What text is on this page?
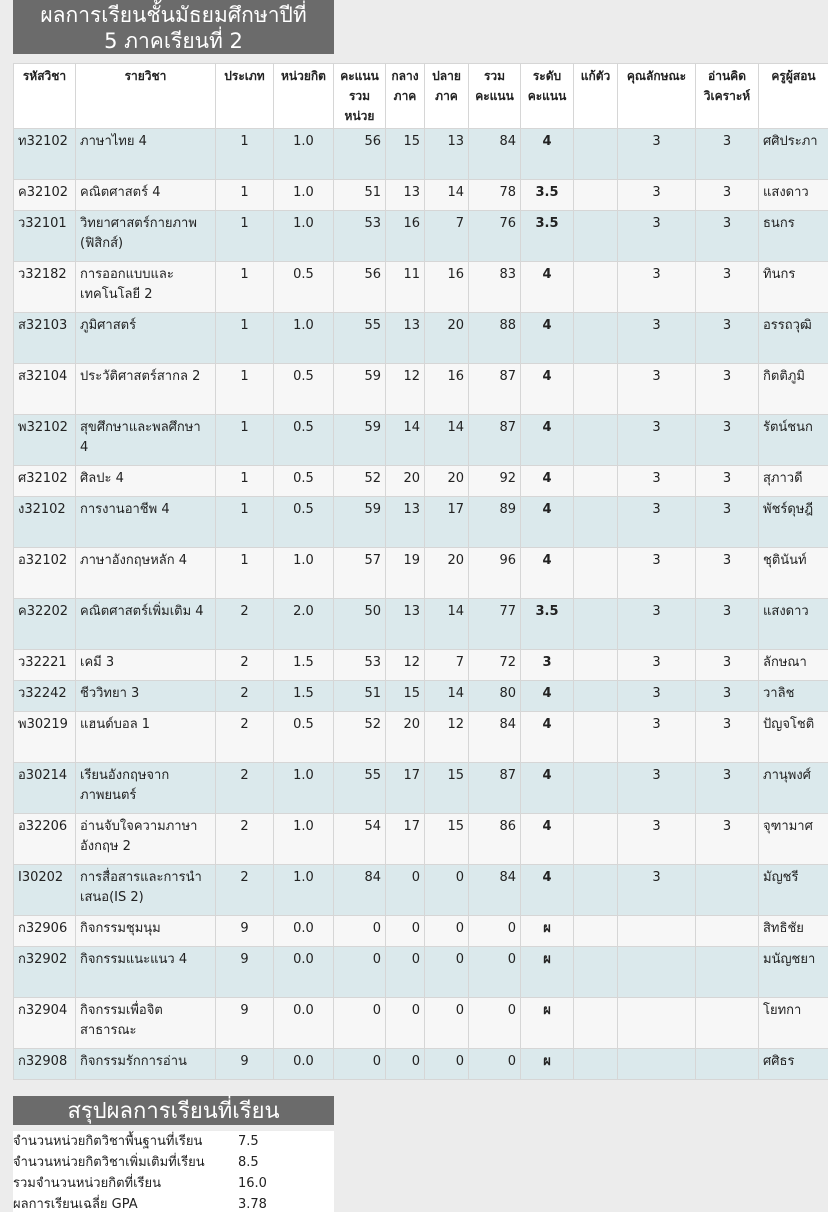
ผลการเรียนชั้นมัธยมศึกษาปีที่
5 ภาคเรียนที่ 2
รหัสวิชา	รายวิชา	ประเภท	หน่วยกิต	คะแนนรวมหน่วย	กลางภาค	ปลายภาค	รวมคะแนน	ระดับคะแนน	แก้ตัว	คุณลักษณะ	อ่านคิดวิเคราะห์	ครูผู้สอน
ท32102	ภาษาไทย 4	1	1.0	56	15	13	84	4		3	3	ศศิประภา
ค32102	คณิตศาสตร์ 4	1	1.0	51	13	14	78	3.5		3	3	แสงดาว
ว32101	วิทยาศาสตร์กายภาพ (ฟิสิกส์)	1	1.0	53	16	7	76	3.5		3	3	ธนกร
ว32182	การออกแบบและเทคโนโลยี 2	1	0.5	56	11	16	83	4		3	3	ทินกร
ส32103	ภูมิศาสตร์	1	1.0	55	13	20	88	4		3	3	อรรถวุฒิ
ส32104	ประวัติศาสตร์สากล 2	1	0.5	59	12	16	87	4		3	3	กิตติภูมิ
พ32102	สุขศึกษาและพลศึกษา 4	1	0.5	59	14	14	87	4		3	3	รัตน์ชนก
ศ32102	ศิลปะ 4	1	0.5	52	20	20	92	4		3	3	สุภาวดี
ง32102	การงานอาชีพ 4	1	0.5	59	13	17	89	4		3	3	พัชร์ดุษฎี
อ32102	ภาษาอังกฤษหลัก 4	1	1.0	57	19	20	96	4		3	3	ชุตินันท์
ค32202	คณิตศาสตร์เพิ่มเติม 4	2	2.0	50	13	14	77	3.5		3	3	แสงดาว
ว32221	เคมี 3	2	1.5	53	12	7	72	3		3	3	ลักษณา
ว32242	ชีววิทยา 3	2	1.5	51	15	14	80	4		3	3	วาลิช
พ30219	แฮนด์บอล 1	2	0.5	52	20	12	84	4		3	3	ปัญจโชติ
อ30214	เรียนอังกฤษจากภาพยนตร์	2	1.0	55	17	15	87	4		3	3	ภานุพงศ์
อ32206	อ่านจับใจความภาษาอังกฤษ 2	2	1.0	54	17	15	86	4		3	3	จุฑามาศ
I30202	การสื่อสารและการนำเสนอ(IS 2)	2	1.0	84	0	0	84	4		3		มัญชรี
ก32906	กิจกรรมชุมนุม	9	0.0	0	0	0	0	ผ				สิทธิชัย
ก32902	กิจกรรมแนะแนว 4	9	0.0	0	0	0	0	ผ				มนัญชยา
ก32904	กิจกรรมเพื่อจิตสาธารณะ	9	0.0	0	0	0	0	ผ				โยทกา
ก32908	กิจกรรมรักการอ่าน	9	0.0	0	0	0	0	ผ				ศศิธร
สรุปผลการเรียนที่เรียน
จำนวนหน่วยกิตวิชาพื้นฐานที่เรียน	7.5
จำนวนหน่วยกิตวิชาเพิ่มเติมที่เรียน	8.5
รวมจำนวนหน่วยกิตที่เรียน	16.0
ผลการเรียนเฉลี่ย GPA	3.78
